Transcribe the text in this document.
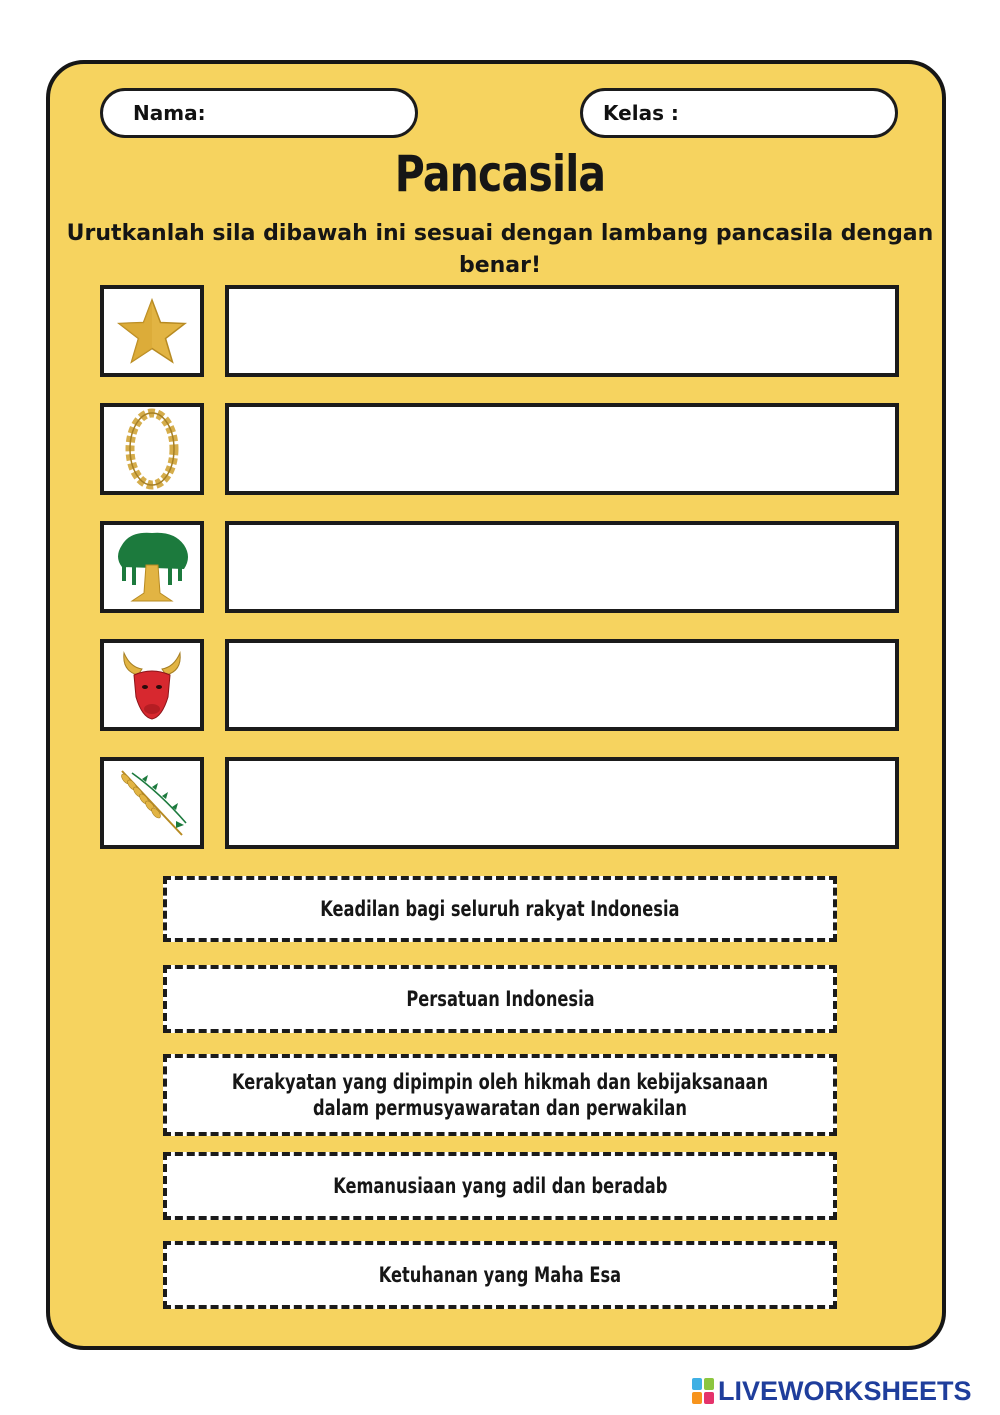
Nama:	Kelas :
Pancasila
Urutkanlah sila dibawah ini sesuai dengan lambang pancasila dengan benar!
Keadilan bagi seluruh rakyat Indonesia
Persatuan Indonesia
Kerakyatan yang dipimpin oleh hikmah dan kebijaksanaan dalam permusyawaratan dan perwakilan
Kemanusiaan yang adil dan beradab
Ketuhanan yang Maha Esa
LIVEWORKSHEETS
